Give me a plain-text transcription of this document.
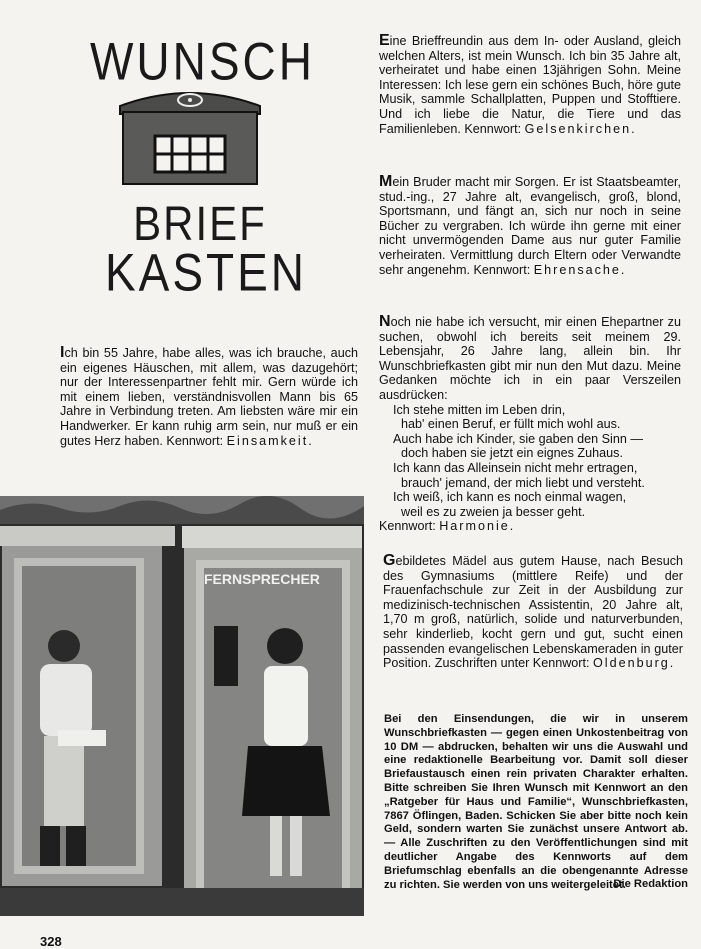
WUNSCH
BRIEF
KASTEN

Ich bin 55 Jahre, habe alles, was ich brauche, auch ein eigenes Häuschen, mit allem, was dazugehört; nur der Interessenpartner fehlt mir. Gern würde ich mit einem lieben, verständnisvollen Mann bis 65 Jahre in Verbindung treten. Am liebsten wäre mir ein Handwerker. Er kann ruhig arm sein, nur muß er ein gutes Herz haben. Kennwort: Einsamkeit.

Eine Brieffreundin aus dem In- oder Ausland, gleich welchen Alters, ist mein Wunsch. Ich bin 35 Jahre alt, verheiratet und habe einen 13jährigen Sohn. Meine Interessen: Ich lese gern ein schönes Buch, höre gute Musik, sammle Schallplatten, Puppen und Stofftiere. Und ich liebe die Natur, die Tiere und das Familienleben. Kennwort: Gelsenkirchen.

Mein Bruder macht mir Sorgen. Er ist Staatsbeamter, stud.-ing., 27 Jahre alt, evangelisch, groß, blond, Sportsmann, und fängt an, sich nur noch in seine Bücher zu vergraben. Ich würde ihn gerne mit einer nicht unvermögenden Dame aus nur guter Familie verheiraten. Vermittlung durch Eltern oder Verwandte sehr angenehm. Kennwort: Ehrensache.

Noch nie habe ich versucht, mir einen Ehepartner zu suchen, obwohl ich bereits seit meinem 29. Lebensjahr, 26 Jahre lang, allein bin. Ihr Wunschbriefkasten gibt mir nun den Mut dazu. Meine Gedanken möchte ich in ein paar Verszeilen ausdrücken:

Ich stehe mitten im Leben drin,
hab' einen Beruf, er füllt mich wohl aus.
Auch habe ich Kinder, sie gaben den Sinn —
doch haben sie jetzt ein eignes Zuhaus.
Ich kann das Alleinsein nicht mehr ertragen,
brauch' jemand, der mich liebt und versteht.
Ich weiß, ich kann es noch einmal wagen,
weil es zu zweien ja besser geht.

Kennwort: Harmonie.

Gebildetes Mädel aus gutem Hause, nach Besuch des Gymnasiums (mittlere Reife) und der Frauenfachschule zur Zeit in der Ausbildung zur medizinisch-technischen Assistentin, 20 Jahre alt, 1,70 m groß, natürlich, solide und naturverbunden, sehr kinderlieb, kocht gern und gut, sucht einen passenden evangelischen Lebenskameraden in guter Position. Zuschriften unter Kennwort: Oldenburg.

Bei den Einsendungen, die wir in unserem Wunschbriefkasten — gegen einen Unkostenbeitrag von 10 DM — abdrucken, behalten wir uns die Auswahl und eine redaktionelle Bearbeitung vor. Damit soll dieser Briefaustausch einen rein privaten Charakter erhalten. Bitte schreiben Sie Ihren Wunsch mit Kennwort an den „Ratgeber für Haus und Familie“, Wunschbriefkasten, 7867 Öflingen, Baden. Schicken Sie aber bitte noch kein Geld, sondern warten Sie zunächst unsere Antwort ab. — Alle Zuschriften zu den Veröffentlichungen sind mit deutlicher Angabe des Kennworts auf dem Briefumschlag ebenfalls an die obengenannte Adresse zu richten. Sie werden von uns weitergeleitet.
Die Redaktion
FERNSPRECHER
328
